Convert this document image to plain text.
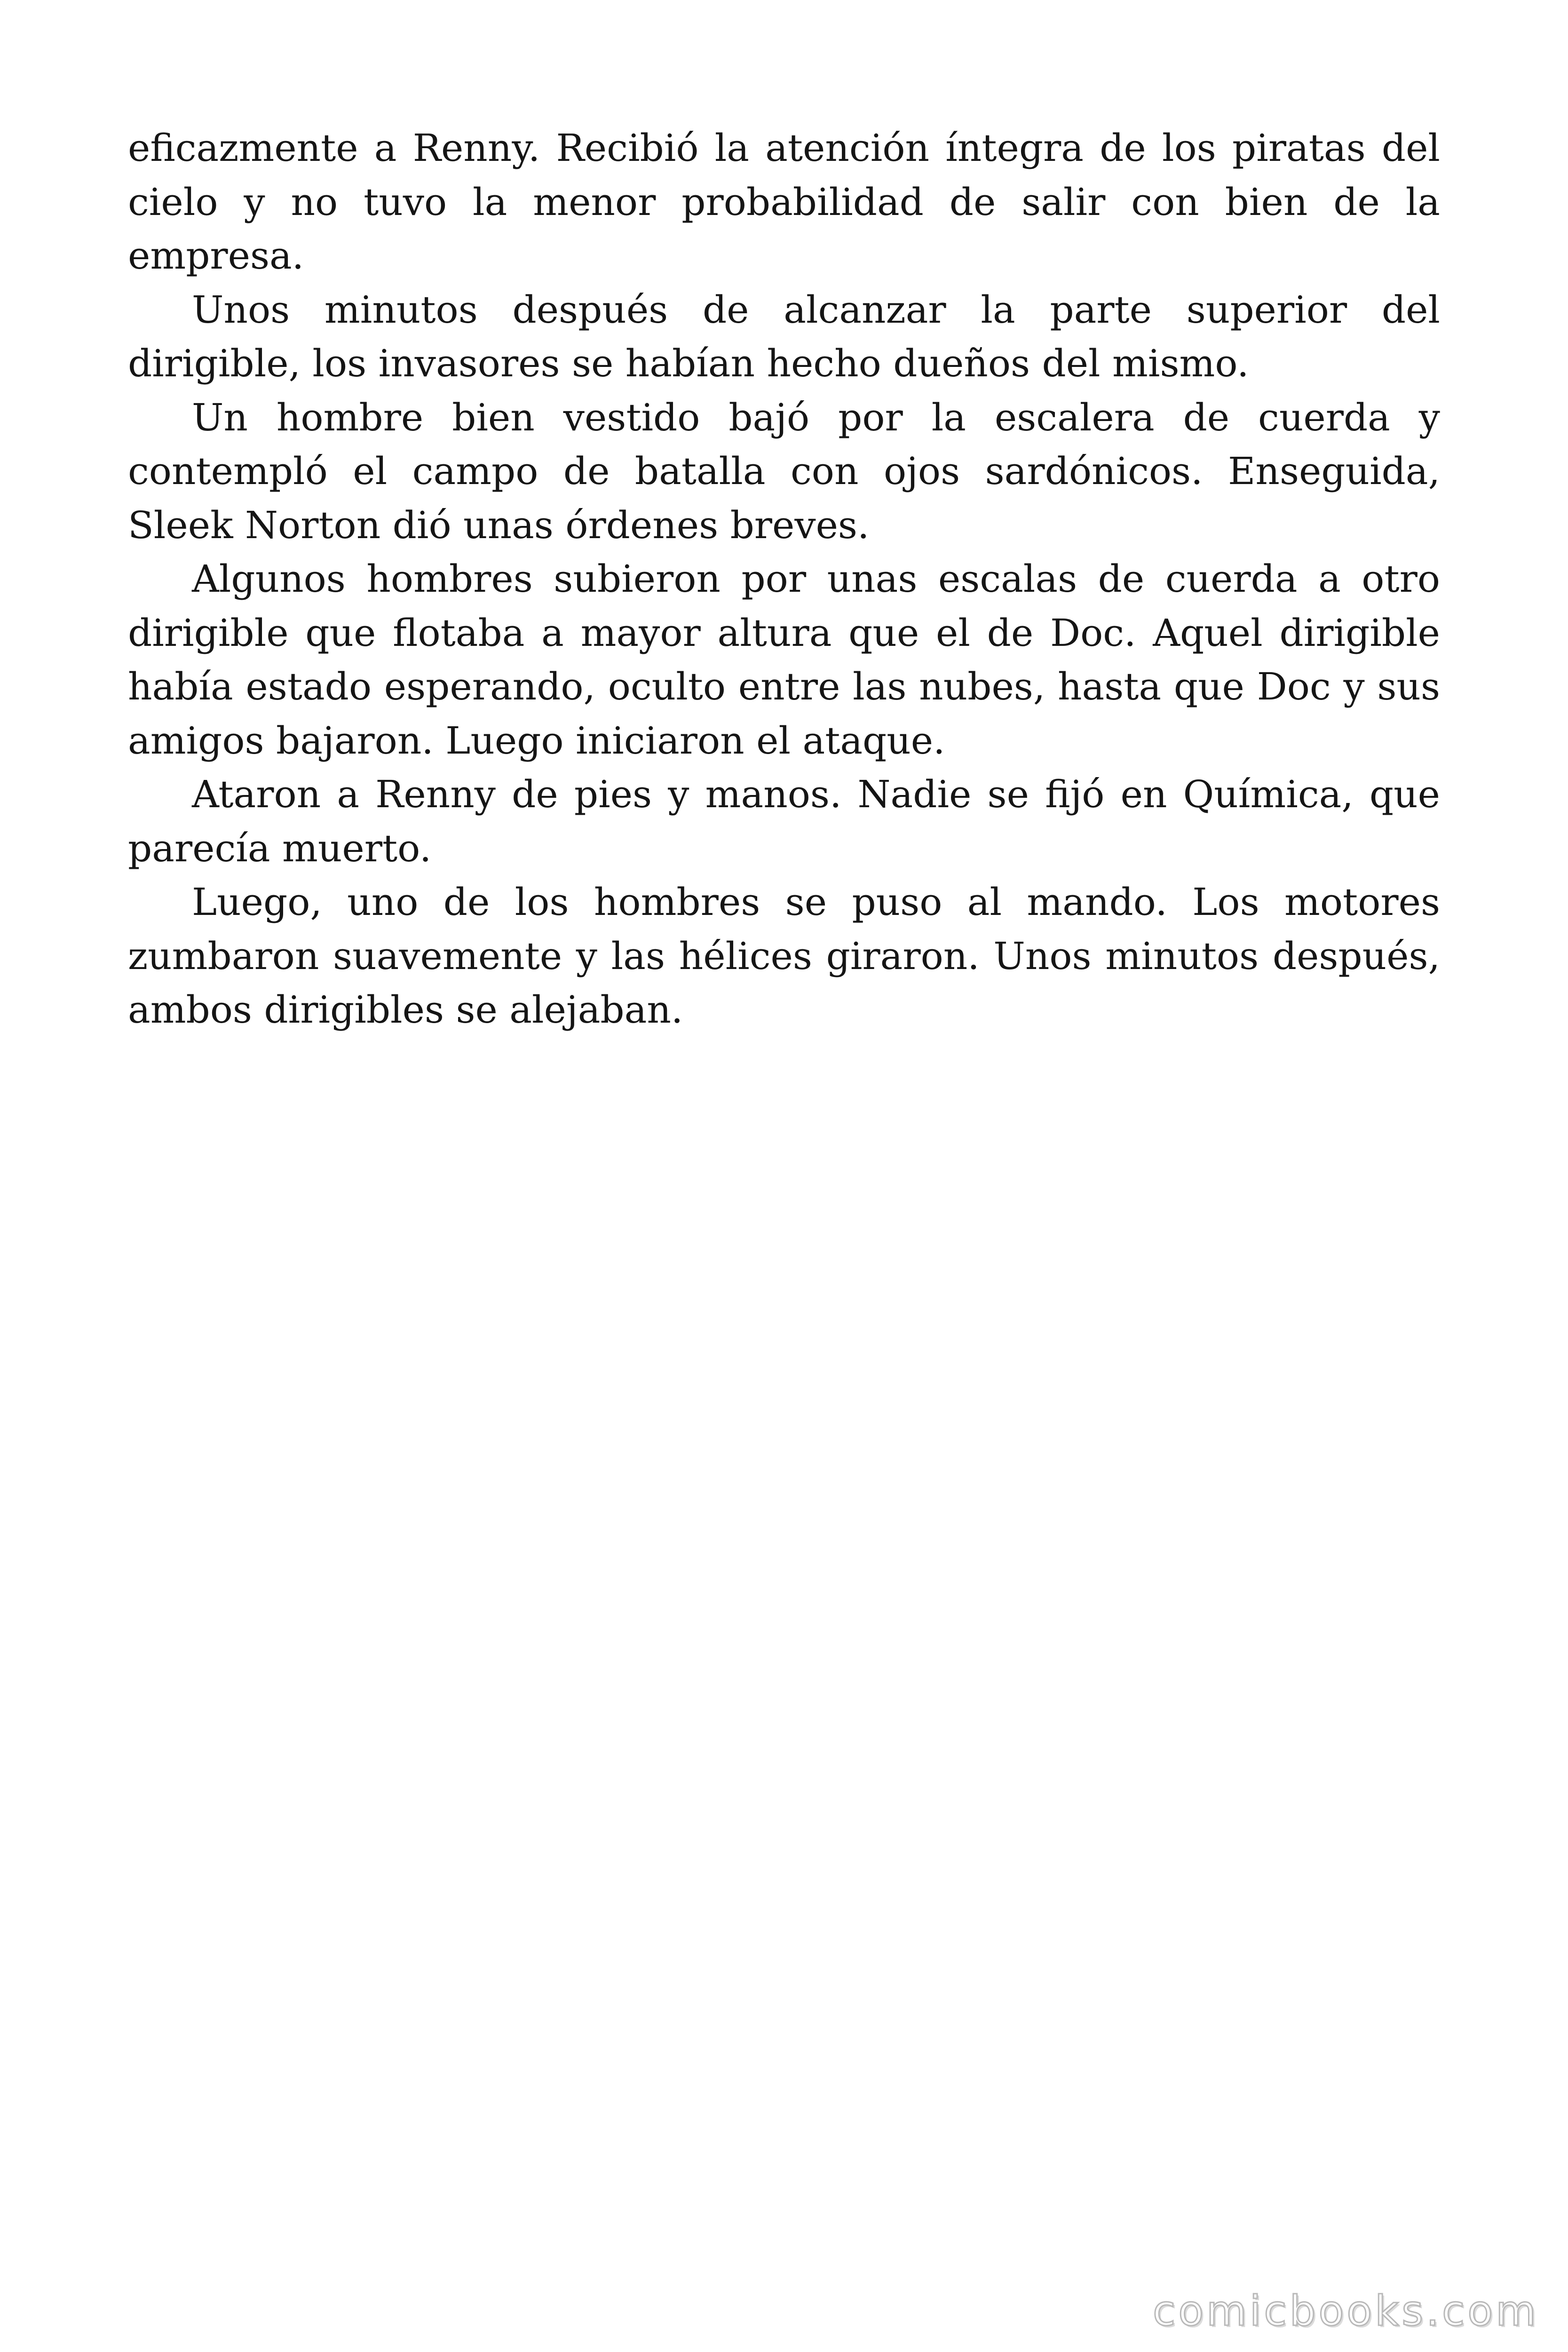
eficazmente a Renny. Recibió la atención íntegra de los piratas del cielo y no tuvo la menor probabilidad de salir con bien de la empresa.

Unos minutos después de alcanzar la parte superior del dirigible, los invasores se habían hecho dueños del mismo.

Un hombre bien vestido bajó por la escalera de cuerda y contempló el campo de batalla con ojos sardónicos. Enseguida, Sleek Norton dió unas órdenes breves.

Algunos hombres subieron por unas escalas de cuerda a otro dirigible que flotaba a mayor altura que el de Doc. Aquel dirigible había estado esperando, oculto entre las nubes, hasta que Doc y sus amigos bajaron. Luego iniciaron el ataque.

Ataron a Renny de pies y manos. Nadie se fijó en Química, que parecía muerto.

Luego, uno de los hombres se puso al mando. Los motores zumbaron suavemente y las hélices giraron. Unos minutos después, ambos dirigibles se alejaban.

comicbooks.com
